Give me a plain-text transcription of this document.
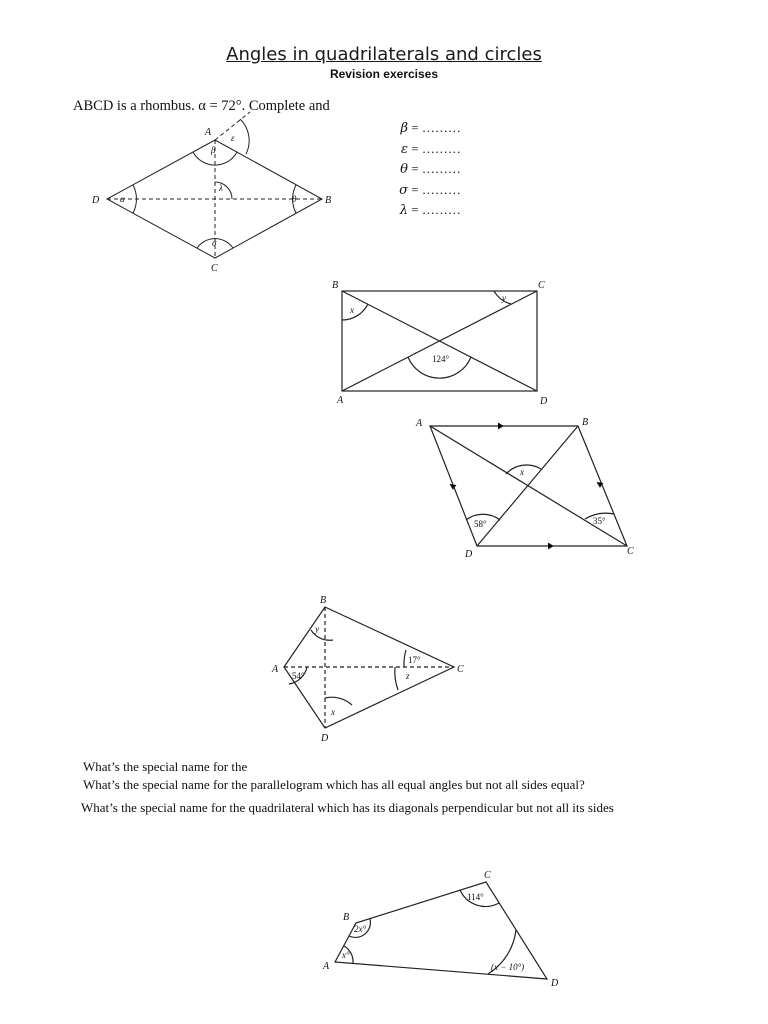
Angles in quadrilaterals and circles
Revision exercises
ABCD is a rhombus. α = 72°. Complete and
β = ………
ε = ………
θ = ………
σ = ………
λ = ………
A
B
C
D α
β
ε
θ
σ
λ
B	C
A	D
x
y
124°
A	B
C
D
x
58°	35°
B
C
A
D
y
17°
54°	z
x
What’s the special name for the
What’s the special name for the parallelogram which has all equal angles but not all sides equal?
What’s the special name for the quadrilateral which has its diagonals perpendicular but not all its sides
A
B
C
D
2x°
114°
x°
(x − 10°)
